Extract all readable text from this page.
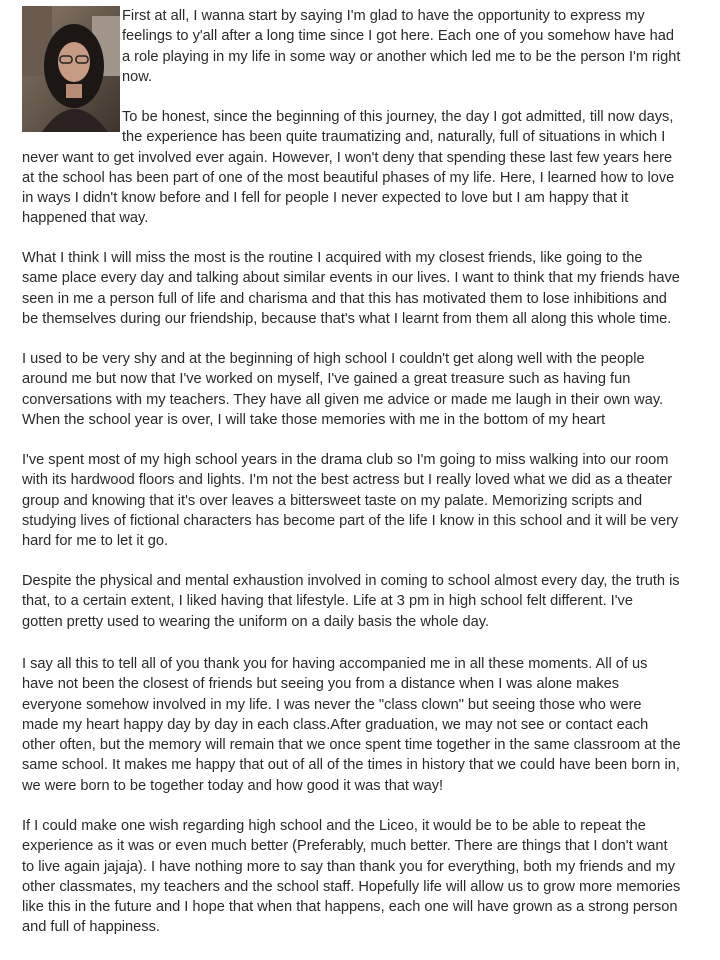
First at all, I wanna start by saying I'm glad to have the opportunity to express my
feelings to y'all after a long time since I got here. Each one of you somehow have had
a role playing in my life in some way or another which led me to be the person I'm right
now.

To be honest, since the beginning of this journey, the day I got admitted, till now days,
the experience has been quite traumatizing and, naturally, full of situations in which I
never want to get involved ever again. However, I won't deny that spending these last few years here
at the school has been part of one of the most beautiful phases of my life. Here, I learned how to love
in ways I didn't know before and I fell for people I never expected to love but I am happy that it
happened that way.

What I think I will miss the most is the routine I acquired with my closest friends, like going to the
same place every day and talking about similar events in our lives. I want to think that my friends have
seen in me a person full of life and charisma and that this has motivated them to lose inhibitions and
be themselves during our friendship, because that's what I learnt from them all along this whole time.

I used to be very shy and at the beginning of high school I couldn't get along well with the people
around me but now that I've worked on myself, I've gained a great treasure such as having fun
conversations with my teachers. They have all given me advice or made me laugh in their own way.
When the school year is over, I will take those memories with me in the bottom of my heart

I've spent most of my high school years in the drama club so I'm going to miss walking into our room
with its hardwood floors and lights. I'm not the best actress but I really loved what we did as a theater
group and knowing that it's over leaves a bittersweet taste on my palate. Memorizing scripts and
studying lives of fictional characters has become part of the life I know in this school and it will be very
hard for me to let it go.

Despite the physical and mental exhaustion involved in coming to school almost every day, the truth is
that, to a certain extent, I liked having that lifestyle. Life at 3 pm in high school felt different. I've
gotten pretty used to wearing the uniform on a daily basis the whole day.

I say all this to tell all of you thank you for having accompanied me in all these moments. All of us
have not been the closest of friends but seeing you from a distance when I was alone makes
everyone somehow involved in my life. I was never the "class clown" but seeing those who were
made my heart happy day by day in each class.After graduation, we may not see or contact each
other often, but the memory will remain that we once spent time together in the same classroom at the
same school. It makes me happy that out of all of the times in history that we could have been born in,
we were born to be together today and how good it was that way!

If I could make one wish regarding high school and the Liceo, it would be to be able to repeat the
experience as it was or even much better (Preferably, much better. There are things that I don't want
to live again jajaja). I have nothing more to say than thank you for everything, both my friends and my
other classmates, my teachers and the school staff. Hopefully life will allow us to grow more memories
like this in the future and I hope that when that happens, each one will have grown as a strong person
and full of happiness.
